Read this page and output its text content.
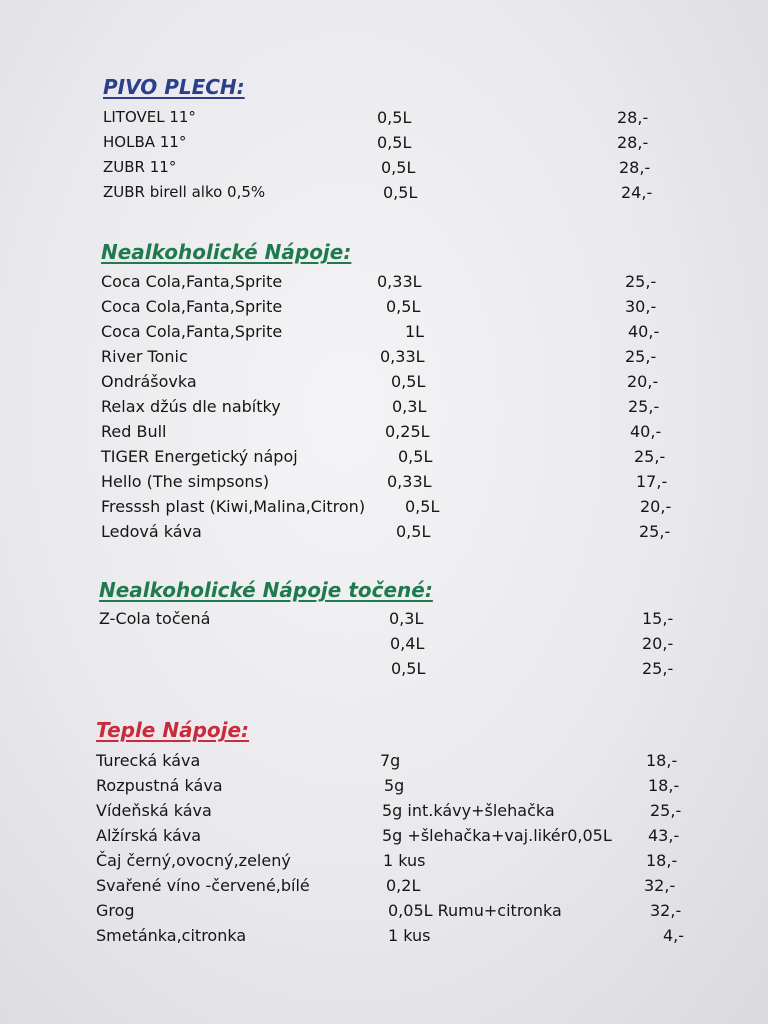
PIVO PLECH:
LITOVEL 11°	0,5L	28,-
HOLBA 11°	0,5L	28,-
ZUBR 11°	0,5L	28,-
ZUBR birell alko 0,5%	0,5L	24,-
Nealkoholické Nápoje:
Coca Cola,Fanta,Sprite	0,33L	25,-
Coca Cola,Fanta,Sprite	0,5L	30,-
Coca Cola,Fanta,Sprite	1L	40,-
River Tonic	0,33L	25,-
Ondrášovka	0,5L	20,-
Relax džús dle nabítky	0,3L	25,-
Red Bull	0,25L	40,-
TIGER Energetický nápoj	0,5L	25,-
Hello (The simpsons)	0,33L	17,-
Fresssh plast (Kiwi,Malina,Citron) 0,5L	20,-
Ledová káva	0,5L	25,-
Nealkoholické Nápoje točené:
Z-Cola točená	0,3L	15,-
0,4L	20,-
0,5L	25,-
Teple Nápoje:
Turecká káva	7g	18,-
Rozpustná káva	5g	18,-
Vídeňská káva	5g int.kávy+šlehačka	25,-
Alžírská káva	5g +šlehačka+vaj.likér0,05L 43,-
Čaj černý,ovocný,zelený	1 kus	18,-
Svařené víno -červené,bílé	0,2L	32,-
Grog	0,05L Rumu+citronka	32,-
Smetánka,citronka	1 kus	4,-
